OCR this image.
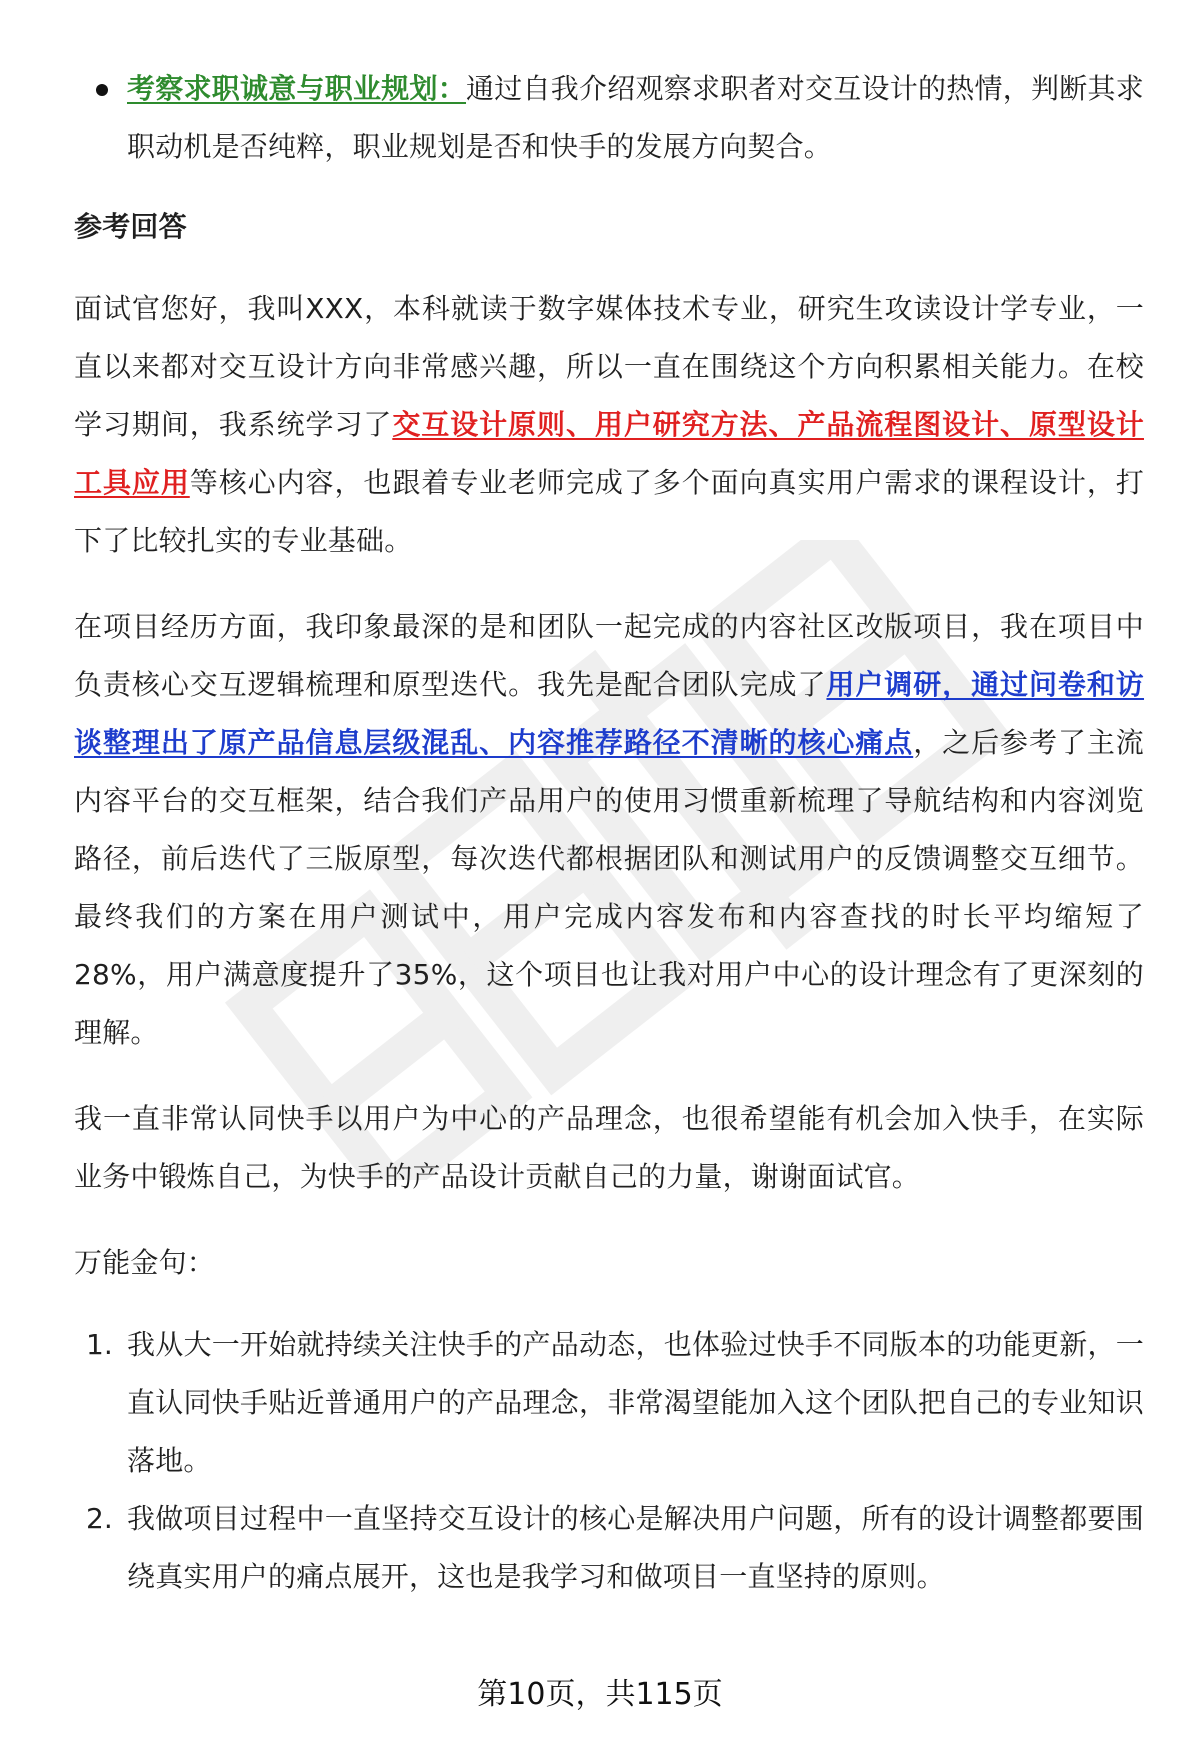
考察求职诚意与职业规划：通过自我介绍观察求职者对交互设计的热情，判断其求职动机是否纯粹，职业规划是否和快手的发展方向契合。

参考回答

面试官您好，我叫XXX，本科就读于数字媒体技术专业，研究生攻读设计学专业，一直以来都对交互设计方向非常感兴趣，所以一直在围绕这个方向积累相关能力。在校学习期间，我系统学习了交互设计原则、用户研究方法、产品流程图设计、原型设计工具应用等核心内容，也跟着专业老师完成了多个面向真实用户需求的课程设计，打下了比较扎实的专业基础。

在项目经历方面，我印象最深的是和团队一起完成的内容社区改版项目，我在项目中负责核心交互逻辑梳理和原型迭代。我先是配合团队完成了用户调研，通过问卷和访谈整理出了原产品信息层级混乱、内容推荐路径不清晰的核心痛点，之后参考了主流内容平台的交互框架，结合我们产品用户的使用习惯重新梳理了导航结构和内容浏览路径，前后迭代了三版原型，每次迭代都根据团队和测试用户的反馈调整交互细节。最终我们的方案在用户测试中，用户完成内容发布和内容查找的时长平均缩短了28%，用户满意度提升了35%，这个项目也让我对用户中心的设计理念有了更深刻的理解。

我一直非常认同快手以用户为中心的产品理念，也很希望能有机会加入快手，在实际业务中锻炼自己，为快手的产品设计贡献自己的力量，谢谢面试官。

万能金句：

1. 我从大一开始就持续关注快手的产品动态，也体验过快手不同版本的功能更新，一直认同快手贴近普通用户的产品理念，非常渴望能加入这个团队把自己的专业知识落地。

2. 我做项目过程中一直坚持交互设计的核心是解决用户问题，所有的设计调整都要围绕真实用户的痛点展开，这也是我学习和做项目一直坚持的原则。

第10页，共115页
